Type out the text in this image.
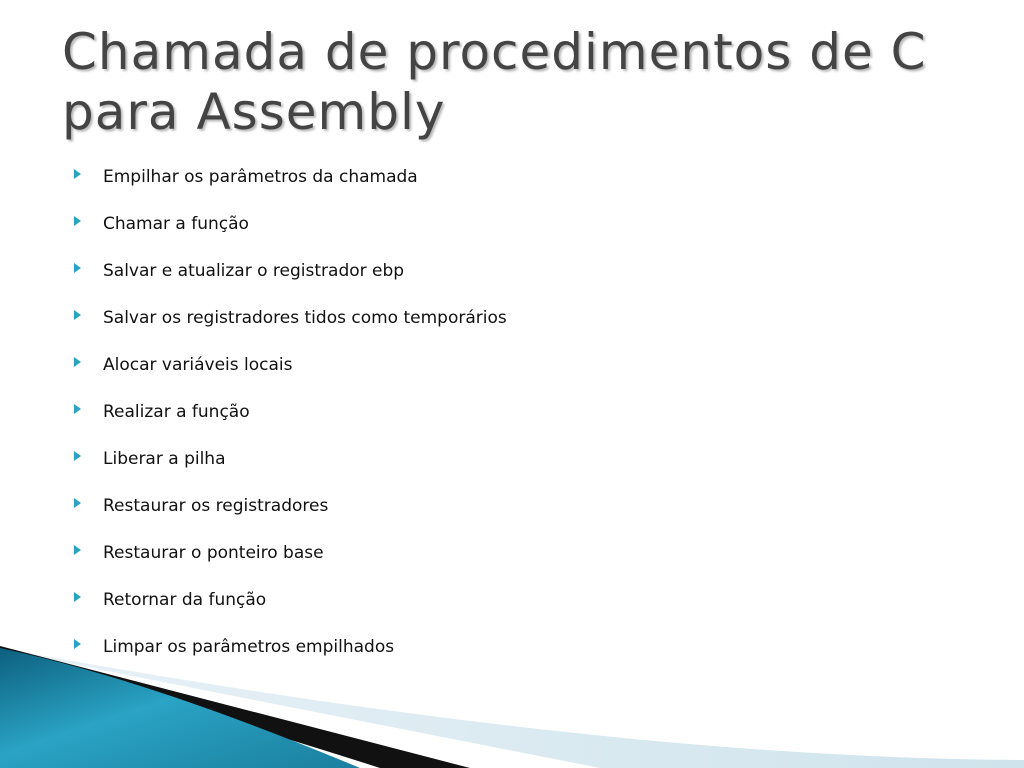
Chamada de procedimentos de C para Assembly
Empilhar os parâmetros da chamada
Chamar a função
Salvar e atualizar o registrador ebp
Salvar os registradores tidos como temporários
Alocar variáveis locais
Realizar a função
Liberar a pilha
Restaurar os registradores
Restaurar o ponteiro base
Retornar da função
Limpar os parâmetros empilhados
